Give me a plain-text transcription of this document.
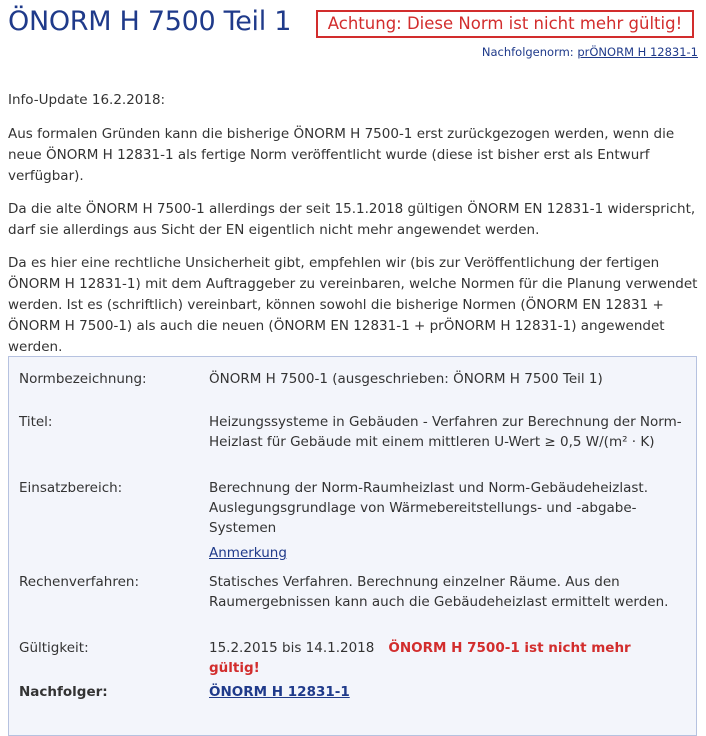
ÖNORM H 7500 Teil 1	Achtung: Diese Norm ist nicht mehr gültig!
Nachfolgenorm: prÖNORM H 12831-1

Info-Update 16.2.2018:

Aus formalen Gründen kann die bisherige ÖNORM H 7500-1 erst zurückgezogen werden, wenn die neue ÖNORM H 12831-1 als fertige Norm veröffentlicht wurde (diese ist bisher erst als Entwurf verfügbar).

Da die alte ÖNORM H 7500-1 allerdings der seit 15.1.2018 gültigen ÖNORM EN 12831-1 widerspricht, darf sie allerdings aus Sicht der EN eigentlich nicht mehr angewendet werden.

Da es hier eine rechtliche Unsicherheit gibt, empfehlen wir (bis zur Veröffentlichung der fertigen ÖNORM H 12831-1) mit dem Auftraggeber zu vereinbaren, welche Normen für die Planung verwendet werden. Ist es (schriftlich) vereinbart, können sowohl die bisherige Normen (ÖNORM EN 12831 + ÖNORM H 7500-1) als auch die neuen (ÖNORM EN 12831-1 + prÖNORM H 12831-1) angewendet werden.

Normbezeichnung:	ÖNORM H 7500-1 (ausgeschrieben: ÖNORM H 7500 Teil 1)
Titel:	Heizungssysteme in Gebäuden - Verfahren zur Berechnung der Norm-Heizlast für Gebäude mit einem mittleren U-Wert ≥ 0,5 W/(m² · K)
Einsatzbereich:	Berechnung der Norm-Raumheizlast und Norm-Gebäudeheizlast.
Auslegungsgrundlage von Wärmebereitstellungs- und -abgabe-Systemen
Anmerkung
Rechenverfahren:	Statisches Verfahren. Berechnung einzelner Räume. Aus den Raumergebnissen kann auch die Gebäudeheizlast ermittelt werden.
Gültigkeit:	15.2.2015 bis 14.1.2018 ÖNORM H 7500-1 ist nicht mehr gültig!
Nachfolger:	ÖNORM H 12831-1
